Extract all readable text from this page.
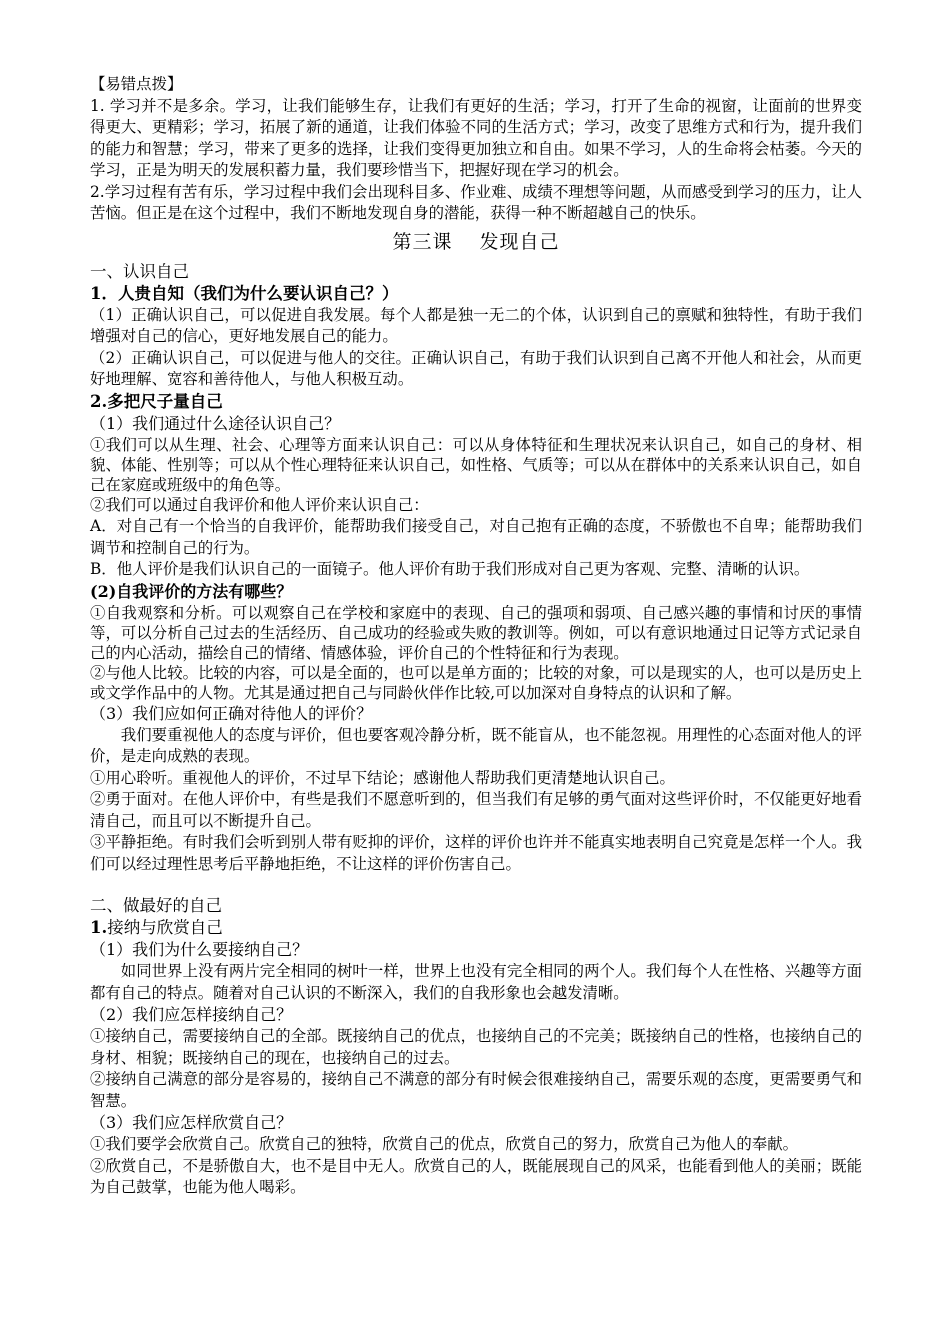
【易错点拨】

1. 学习并不是多余。学习，让我们能够生存，让我们有更好的生活；学习，打开了生命的视窗，让面前的世界变得更大、更精彩；学习，拓展了新的通道，让我们体验不同的生活方式；学习，改变了思维方式和行为，提升我们的能力和智慧；学习，带来了更多的选择，让我们变得更加独立和自由。如果不学习，人的生命将会枯萎。今天的学习，正是为明天的发展积蓄力量，我们要珍惜当下，把握好现在学习的机会。

2.学习过程有苦有乐，学习过程中我们会出现科目多、作业难、成绩不理想等问题，从而感受到学习的压力，让人苦恼。但正是在这个过程中，我们不断地发现自身的潜能，获得一种不断超越自己的快乐。

第三课　 发现自己

一、认识自己

1．人贵自知（我们为什么要认识自己？）

（1）正确认识自己，可以促进自我发展。每个人都是独一无二的个体，认识到自己的禀赋和独特性，有助于我们增强对自己的信心，更好地发展自己的能力。

（2）正确认识自己，可以促进与他人的交往。正确认识自己，有助于我们认识到自己离不开他人和社会，从而更好地理解、宽容和善待他人，与他人积极互动。

2.多把尺子量自己

（1）我们通过什么途径认识自己？

①我们可以从生理、社会、心理等方面来认识自己：可以从身体特征和生理状况来认识自己，如自己的身材、相貌、体能、性别等；可以从个性心理特征来认识自己，如性格、气质等；可以从在群体中的关系来认识自己，如自己在家庭或班级中的角色等。

②我们可以通过自我评价和他人评价来认识自己：

A．对自己有一个恰当的自我评价，能帮助我们接受自己，对自己抱有正确的态度，不骄傲也不自卑；能帮助我们调节和控制自己的行为。

B．他人评价是我们认识自己的一面镜子。他人评价有助于我们形成对自己更为客观、完整、清晰的认识。

(2)自我评价的方法有哪些？

①自我观察和分析。可以观察自己在学校和家庭中的表现、自己的强项和弱项、自己感兴趣的事情和讨厌的事情等，可以分析自己过去的生活经历、自己成功的经验或失败的教训等。例如，可以有意识地通过日记等方式记录自己的内心活动，描绘自己的情绪、情感体验，评价自己的个性特征和行为表现。

②与他人比较。比较的内容，可以是全面的，也可以是单方面的；比较的对象，可以是现实的人，也可以是历史上或文学作品中的人物。尤其是通过把自己与同龄伙伴作比较,可以加深对自身特点的认识和了解。

（3）我们应如何正确对待他人的评价？

我们要重视他人的态度与评价，但也要客观冷静分析，既不能盲从，也不能忽视。用理性的心态面对他人的评价，是走向成熟的表现。

①用心聆听。重视他人的评价，不过早下结论；感谢他人帮助我们更清楚地认识自己。

②勇于面对。在他人评价中，有些是我们不愿意听到的，但当我们有足够的勇气面对这些评价时，不仅能更好地看清自己，而且可以不断提升自己。

③平静拒绝。有时我们会听到别人带有贬抑的评价，这样的评价也许并不能真实地表明自己究竟是怎样一个人。我们可以经过理性思考后平静地拒绝，不让这样的评价伤害自己。

二、做最好的自己

1.接纳与欣赏自己

（1）我们为什么要接纳自己？

如同世界上没有两片完全相同的树叶一样，世界上也没有完全相同的两个人。我们每个人在性格、兴趣等方面都有自己的特点。随着对自己认识的不断深入，我们的自我形象也会越发清晰。

（2）我们应怎样接纳自己？

①接纳自己，需要接纳自己的全部。既接纳自己的优点，也接纳自己的不完美；既接纳自己的性格，也接纳自己的身材、相貌；既接纳自己的现在，也接纳自己的过去。

②接纳自己满意的部分是容易的，接纳自己不满意的部分有时候会很难接纳自己，需要乐观的态度，更需要勇气和智慧。

（3）我们应怎样欣赏自己？

①我们要学会欣赏自己。欣赏自己的独特，欣赏自己的优点，欣赏自己的努力，欣赏自己为他人的奉献。

②欣赏自己，不是骄傲自大，也不是目中无人。欣赏自己的人，既能展现自己的风采，也能看到他人的美丽；既能为自己鼓掌，也能为他人喝彩。
